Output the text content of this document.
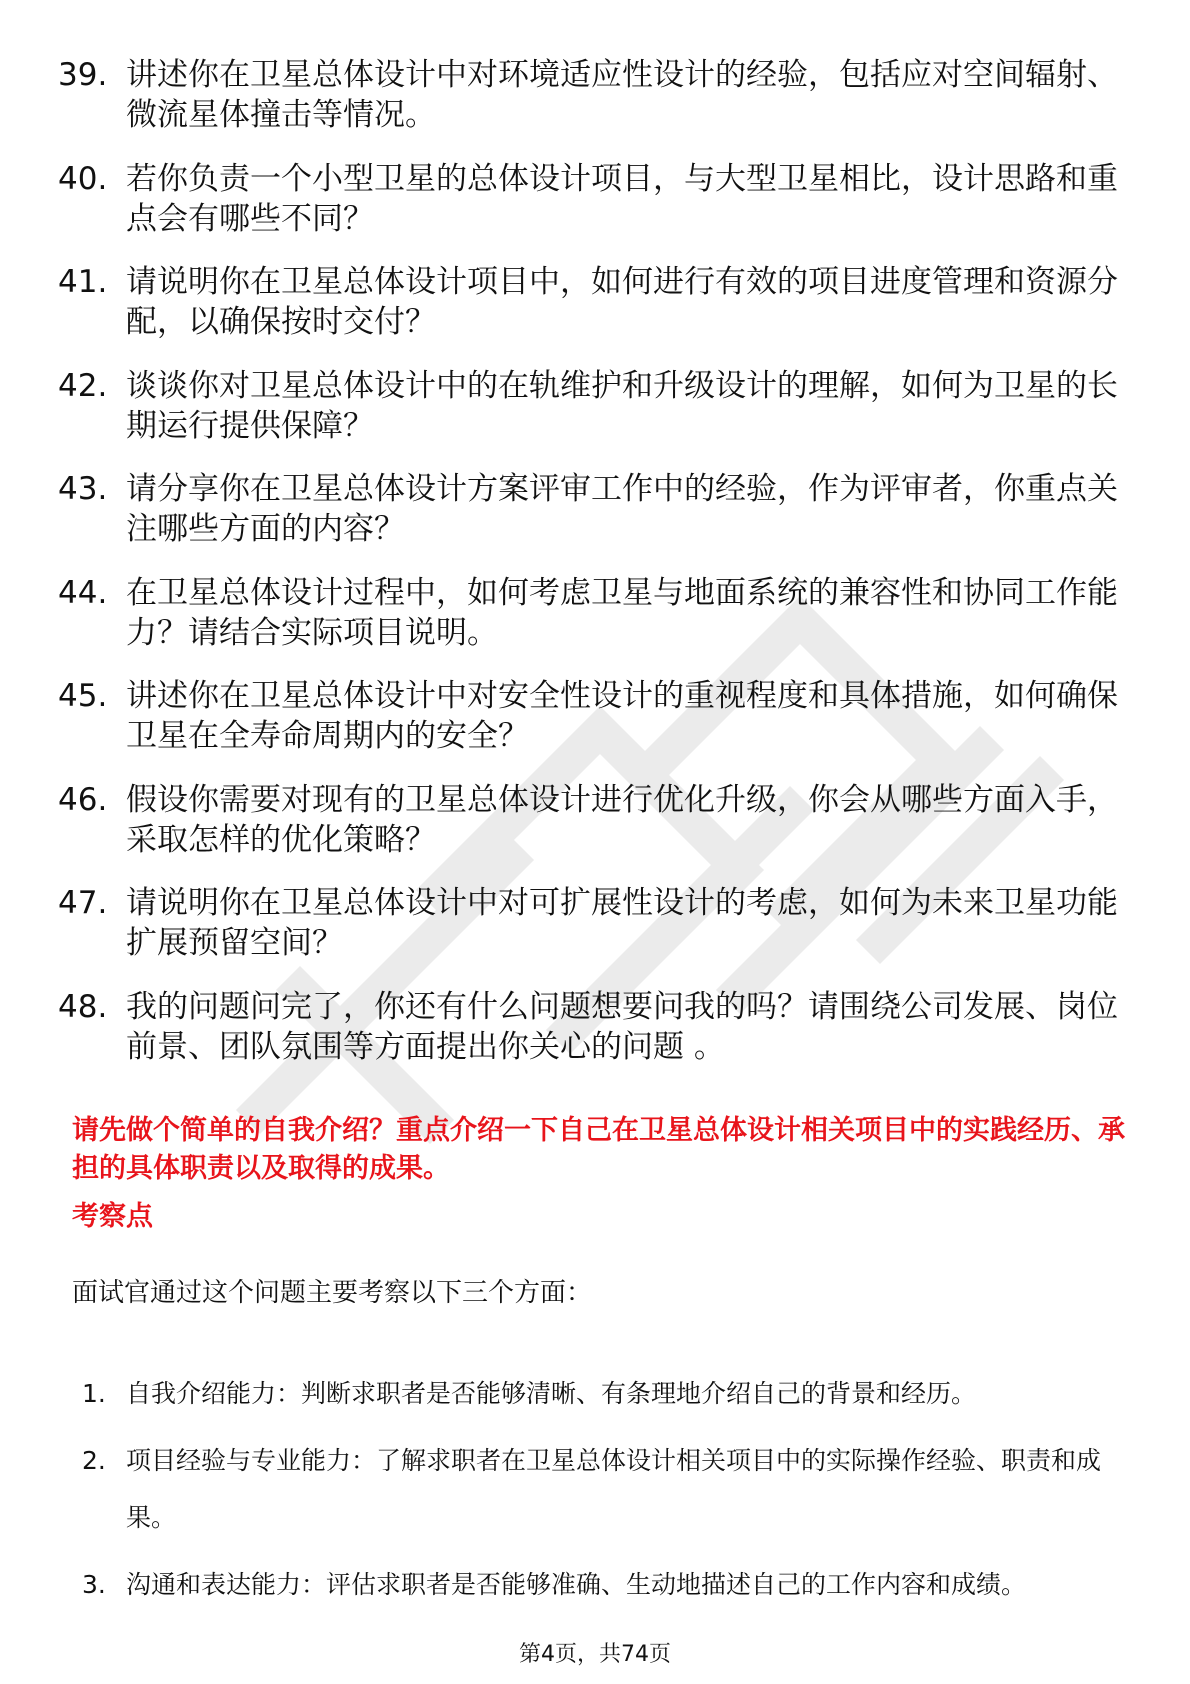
39. 讲述你在卫星总体设计中对环境适应性设计的经验，包括应对空间辐射、微流星体撞击等情况。
40. 若你负责一个小型卫星的总体设计项目，与大型卫星相比，设计思路和重点会有哪些不同？
41. 请说明你在卫星总体设计项目中，如何进行有效的项目进度管理和资源分配，以确保按时交付？
42. 谈谈你对卫星总体设计中的在轨维护和升级设计的理解，如何为卫星的长期运行提供保障？
43. 请分享你在卫星总体设计方案评审工作中的经验，作为评审者，你重点关注哪些方面的内容？
44. 在卫星总体设计过程中，如何考虑卫星与地面系统的兼容性和协同工作能力？请结合实际项目说明。
45. 讲述你在卫星总体设计中对安全性设计的重视程度和具体措施，如何确保卫星在全寿命周期内的安全？
46. 假设你需要对现有的卫星总体设计进行优化升级，你会从哪些方面入手，采取怎样的优化策略？
47. 请说明你在卫星总体设计中对可扩展性设计的考虑，如何为未来卫星功能扩展预留空间？
48. 我的问题问完了，你还有什么问题想要问我的吗？请围绕公司发展、岗位前景、团队氛围等方面提出你关心的问题 。
请先做个简单的自我介绍？重点介绍一下自己在卫星总体设计相关项目中的实践经历、承担的具体职责以及取得的成果。
考察点
面试官通过这个问题主要考察以下三个方面：
1. 自我介绍能力：判断求职者是否能够清晰、有条理地介绍自己的背景和经历。
2. 项目经验与专业能力：了解求职者在卫星总体设计相关项目中的实际操作经验、职责和成果。
3. 沟通和表达能力：评估求职者是否能够准确、生动地描述自己的工作内容和成绩。
第4页，共74页
